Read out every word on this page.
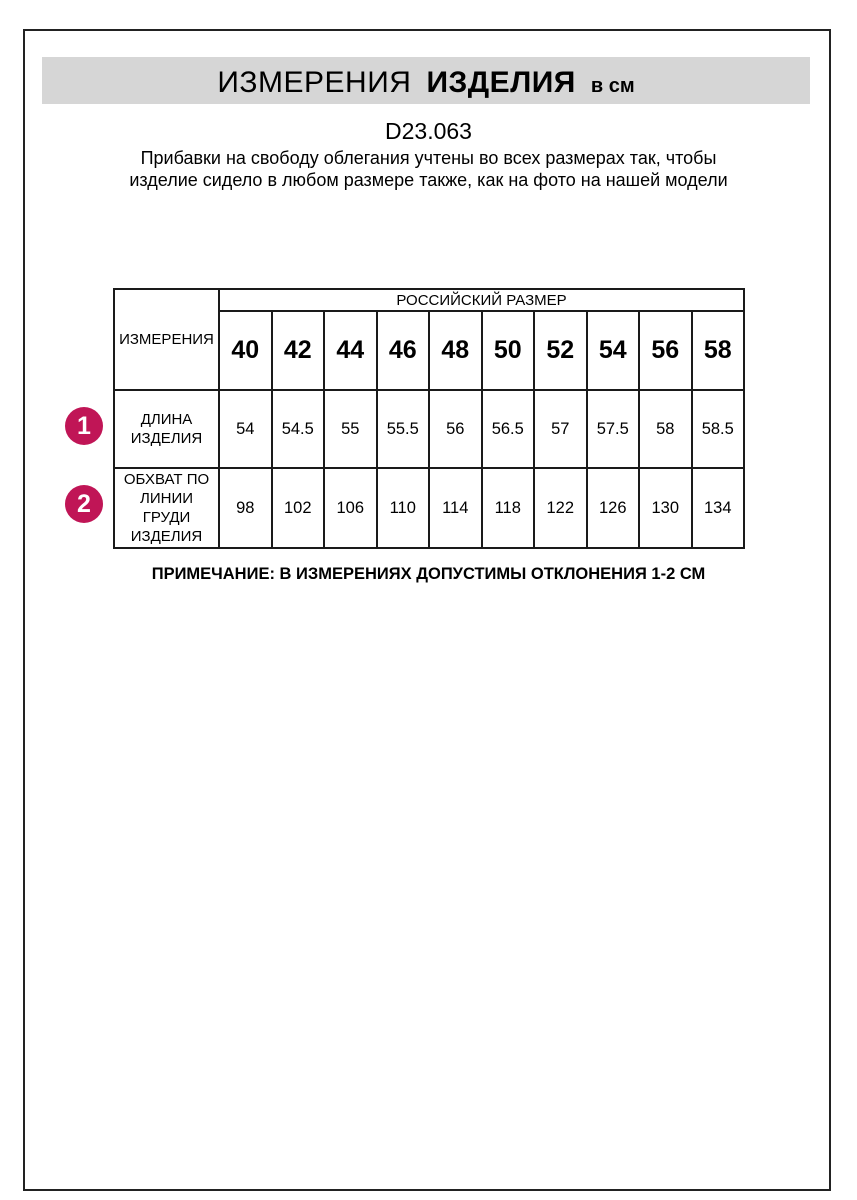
ИЗМЕРЕНИЯ ИЗДЕЛИЯ в см
D23.063
Прибавки на свободу облегания учтены во всех размерах так, чтобы изделие сидело в любом размере также, как на фото на нашей модели
ИЗМЕРЕНИЯ	РОССИЙСКИЙ РАЗМЕР									
	40	42	44	46	48	50	52	54	56	58
ДЛИНА ИЗДЕЛИЯ	54	54.5	55	55.5	56	56.5	57	57.5	58	58.5
ОБХВАТ ПО ЛИНИИ ГРУДИ ИЗДЕЛИЯ	98	102	106	110	114	118	122	126	130	134
1
2
ПРИМЕЧАНИЕ: В ИЗМЕРЕНИЯХ ДОПУСТИМЫ ОТКЛОНЕНИЯ 1-2 СМ
